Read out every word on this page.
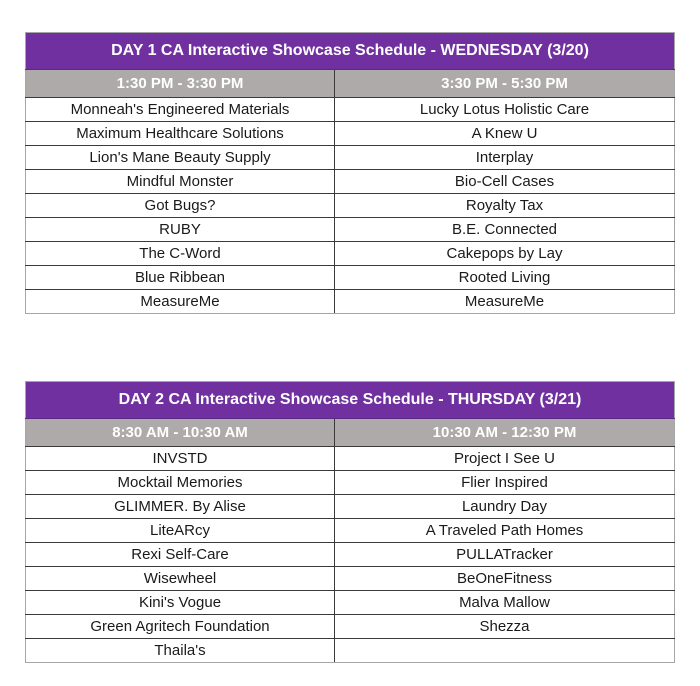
DAY 1 CA Interactive Showcase Schedule - WEDNESDAY (3/20)	
1:30 PM - 3:30 PM	3:30 PM - 5:30 PM
Monneah's Engineered Materials	Lucky Lotus Holistic Care
Maximum Healthcare Solutions	A Knew U
Lion's Mane Beauty Supply	Interplay
Mindful Monster	Bio-Cell Cases
Got Bugs?	Royalty Tax
RUBY	B.E. Connected
The C-Word	Cakepops by Lay
Blue Ribbean	Rooted Living
MeasureMe	MeasureMe
DAY 2 CA Interactive Showcase Schedule - THURSDAY (3/21)	
8:30 AM - 10:30 AM	10:30 AM - 12:30 PM
INVSTD	Project I See U
Mocktail Memories	Flier Inspired
GLIMMER. By Alise	Laundry Day
LiteARcy	A Traveled Path Homes
Rexi Self-Care	PULLATracker
Wisewheel	BeOneFitness
Kini's Vogue	Malva Mallow
Green Agritech Foundation	Shezza
Thaila's	
